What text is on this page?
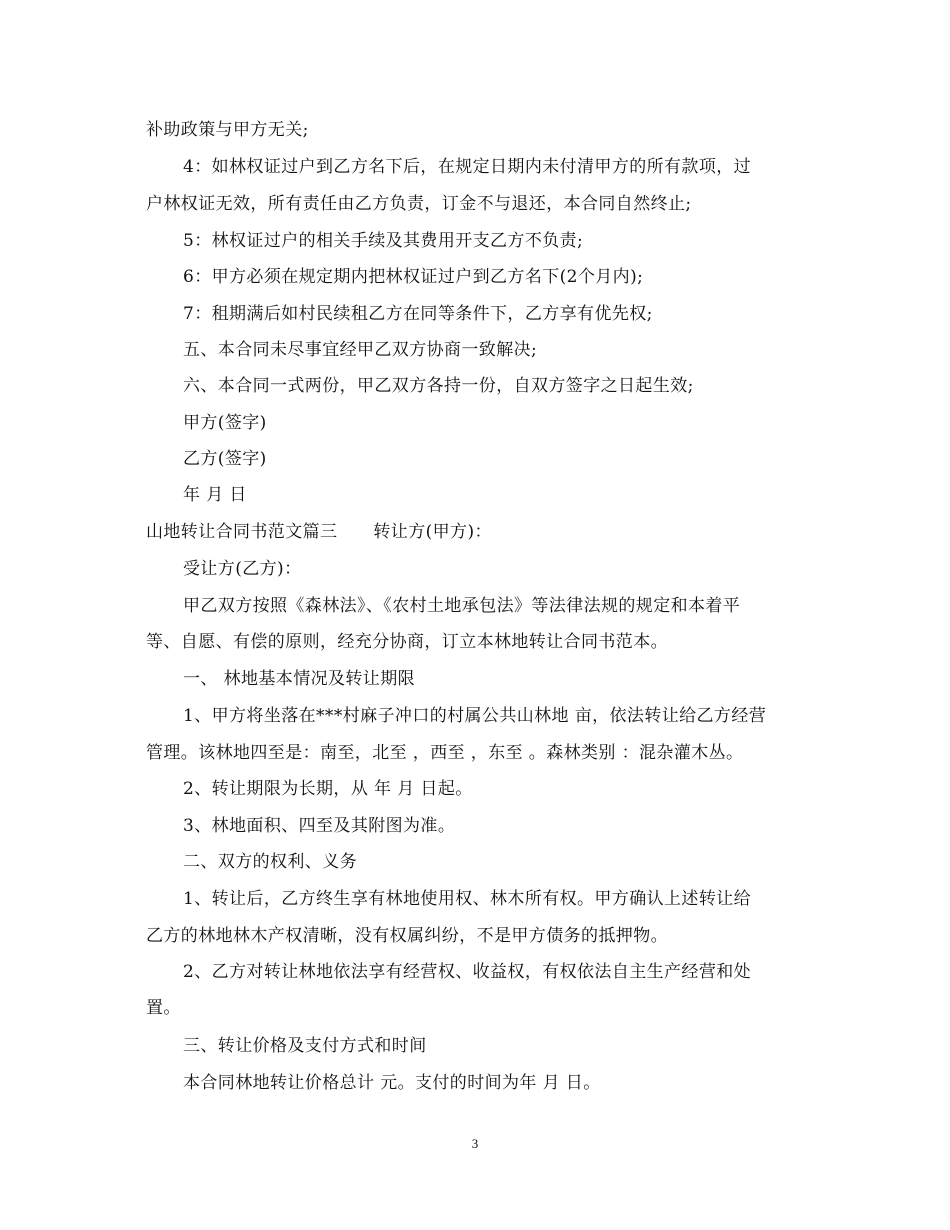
补助政策与甲方无关;
4：如林权证过户到乙方名下后，在规定日期内未付清甲方的所有款项，过
户林权证无效，所有责任由乙方负责，订金不与退还，本合同自然终止;
5：林权证过户的相关手续及其费用开支乙方不负责;
6：甲方必须在规定期内把林权证过户到乙方名下(2个月内);
7：租期满后如村民续租乙方在同等条件下，乙方享有优先权;
五、本合同未尽事宜经甲乙双方协商一致解决;
六、本合同一式两份，甲乙双方各持一份，自双方签字之日起生效;
甲方(签字)
乙方(签字)
年 月 日
山地转让合同书范文篇三 转让方(甲方)：
受让方(乙方)：
甲乙双方按照《森林法》、《农村土地承包法》等法律法规的规定和本着平
等、自愿、有偿的原则，经充分协商，订立本林地转让合同书范本。
一、 林地基本情况及转让期限
1、甲方将坐落在***村麻子冲口的村属公共山林地 亩，依法转让给乙方经营
管理。该林地四至是：南至，北至 ，西至 ，东至 。森林类别 ：混杂灌木丛。
2、转让期限为长期，从 年 月 日起。
3、林地面积、四至及其附图为准。
二、双方的权利、义务
1、转让后，乙方终生享有林地使用权、林木所有权。甲方确认上述转让给
乙方的林地林木产权清晰，没有权属纠纷，不是甲方债务的抵押物。
2、乙方对转让林地依法享有经营权、收益权，有权依法自主生产经营和处
置。
三、转让价格及支付方式和时间
本合同林地转让价格总计 元。支付的时间为年 月 日。
3
